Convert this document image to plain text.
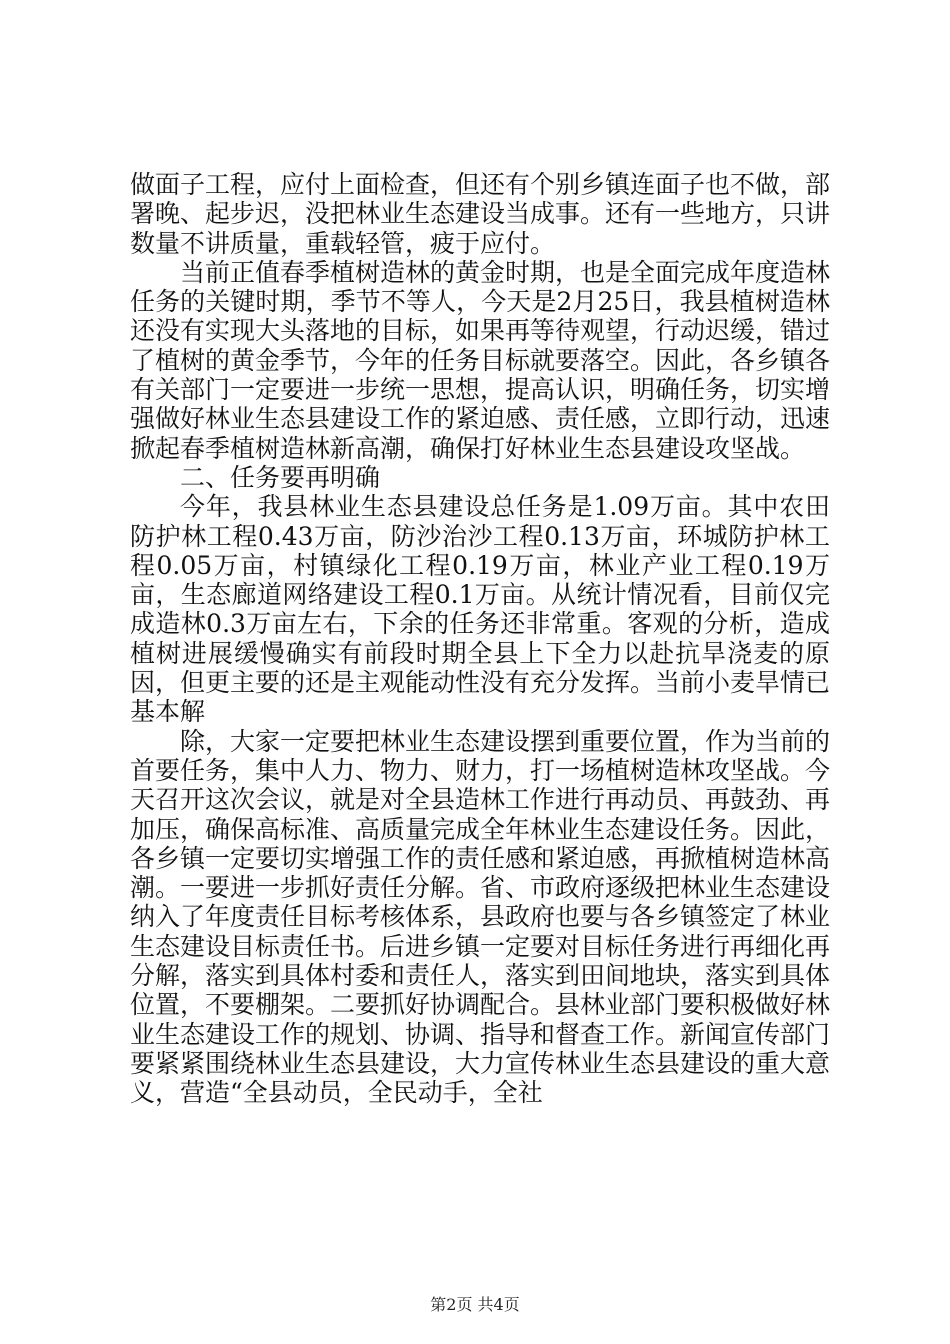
做面子工程，应付上面检查，但还有个别乡镇连面子也不做，部署晚、起步迟，没把林业生态建设当成事。还有一些地方，只讲数量不讲质量，重载轻管，疲于应付。

当前正值春季植树造林的黄金时期，也是全面完成年度造林任务的关键时期，季节不等人，今天是2月25日，我县植树造林还没有实现大头落地的目标，如果再等待观望，行动迟缓，错过了植树的黄金季节，今年的任务目标就要落空。因此，各乡镇各有关部门一定要进一步统一思想，提高认识，明确任务，切实增强做好林业生态县建设工作的紧迫感、责任感，立即行动，迅速掀起春季植树造林新高潮，确保打好林业生态县建设攻坚战。

二、任务要再明确

今年，我县林业生态县建设总任务是1.09万亩。其中农田防护林工程0.43万亩，防沙治沙工程0.13万亩，环城防护林工程0.05万亩，村镇绿化工程0.19万亩，林业产业工程0.19万亩，生态廊道网络建设工程0.1万亩。从统计情况看，目前仅完成造林0.3万亩左右，下余的任务还非常重。客观的分析，造成植树进展缓慢确实有前段时期全县上下全力以赴抗旱浇麦的原因，但更主要的还是主观能动性没有充分发挥。当前小麦旱情已基本解

除，大家一定要把林业生态建设摆到重要位置，作为当前的首要任务，集中人力、物力、财力，打一场植树造林攻坚战。今天召开这次会议，就是对全县造林工作进行再动员、再鼓劲、再加压，确保高标准、高质量完成全年林业生态建设任务。因此，各乡镇一定要切实增强工作的责任感和紧迫感，再掀植树造林高潮。一要进一步抓好责任分解。省、市政府逐级把林业生态建设纳入了年度责任目标考核体系，县政府也要与各乡镇签定了林业生态建设目标责任书。后进乡镇一定要对目标任务进行再细化再分解，落实到具体村委和责任人，落实到田间地块，落实到具体位置，不要棚架。二要抓好协调配合。县林业部门要积极做好林业生态建设工作的规划、协调、指导和督查工作。新闻宣传部门要紧紧围绕林业生态县建设，大力宣传林业生态县建设的重大意义，营造“全县动员，全民动手，全社

第2页 共4页
